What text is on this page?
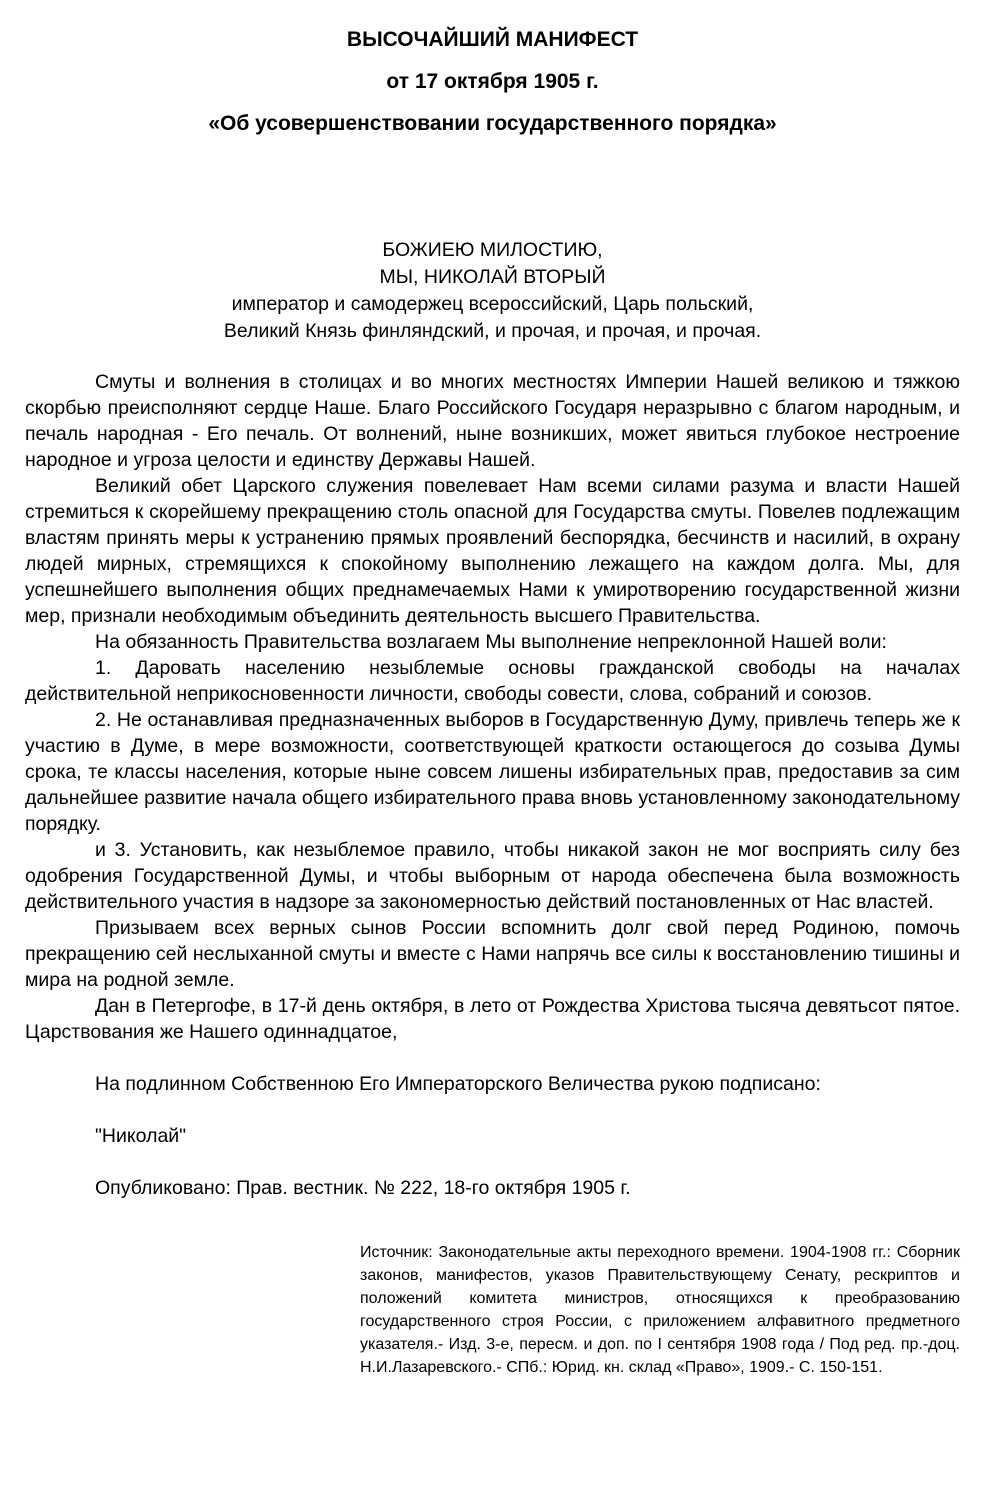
ВЫСОЧАЙШИЙ МАНИФЕСТ
от 17 октября 1905 г.
«Об усовершенствовании государственного порядка»
БОЖИЕЮ МИЛОСТИЮ,
МЫ, НИКОЛАЙ ВТОРЫЙ
император и самодержец всероссийский, Царь польский,
Великий Князь финляндский, и прочая, и прочая, и прочая.

Смуты и волнения в столицах и во многих местностях Империи Нашей великою и тяжкою скорбью преисполняют сердце Наше. Благо Российского Государя неразрывно с благом народным, и печаль народная - Его печаль. От волнений, ныне возникших, может явиться глубокое нестроение народное и угроза целости и единству Державы Нашей.

Великий обет Царского служения повелевает Нам всеми силами разума и власти Нашей стремиться к скорейшему прекращению столь опасной для Государства смуты. Повелев подлежащим властям принять меры к устранению прямых проявлений беспорядка, бесчинств и насилий, в охрану людей мирных, стремящихся к спокойному выполнению лежащего на каждом долга. Мы, для успешнейшего выполнения общих преднамечаемых Нами к умиротворению государственной жизни мер, признали необходимым объединить деятельность высшего Правительства.

На обязанность Правительства возлагаем Мы выполнение непреклонной Нашей воли:

1. Даровать населению незыблемые основы гражданской свободы на началах действительной неприкосновенности личности, свободы совести, слова, собраний и союзов.

2. Не останавливая предназначенных выборов в Государственную Думу, привлечь теперь же к участию в Думе, в мере возможности, соответствующей краткости остающегося до созыва Думы срока, те классы населения, которые ныне совсем лишены избирательных прав, предоставив за сим дальнейшее развитие начала общего избирательного права вновь установленному законодательному порядку.

и 3. Установить, как незыблемое правило, чтобы никакой закон не мог восприять силу без одобрения Государственной Думы, и чтобы выборным от народа обеспечена была возможность действительного участия в надзоре за закономерностью действий постановленных от Нас властей.

Призываем всех верных сынов России вспомнить долг свой перед Родиною, помочь прекращению сей неслыханной смуты и вместе с Нами напрячь все силы к восстановлению тишины и мира на родной земле.

Дан в Петергофе, в 17-й день октября, в лето от Рождества Христова тысяча девятьсот пятое. Царствования же Нашего одиннадцатое,

На подлинном Собственною Его Императорского Величества рукою подписано:

"Николай"

Опубликовано: Прав. вестник. № 222, 18-го октября 1905 г.

Источник: Законодательные акты переходного времени. 1904-1908 гг.: Сборник законов, манифестов, указов Правительствующему Сенату, рескриптов и положений комитета министров, относящихся к преобразованию государственного строя России, с приложением алфавитного предметного указателя.- Изд. 3-е, пересм. и доп. по I сентября 1908 года / Под ред. пр.-доц. Н.И.Лазаревского.- СПб.: Юрид. кн. склад «Право», 1909.- С. 150-151.
